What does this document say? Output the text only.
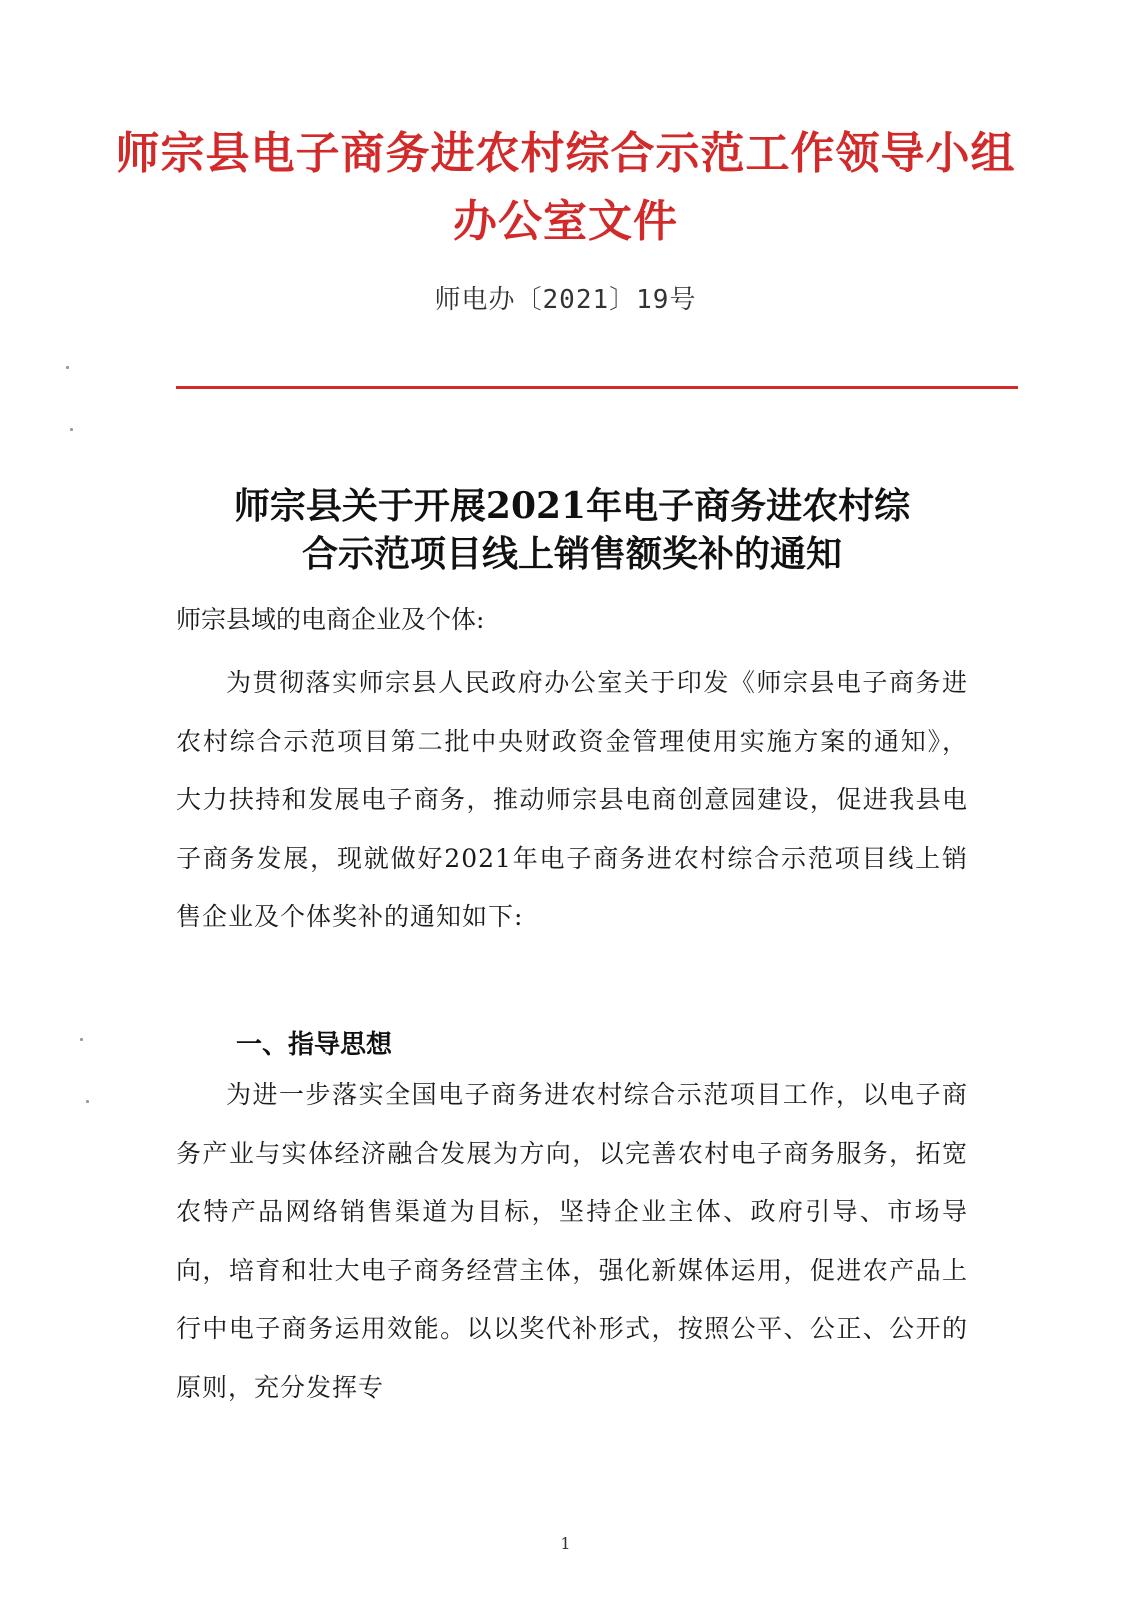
师宗县电子商务进农村综合示范工作领导小组
办公室文件
师电办〔2021〕19号
师宗县关于开展2021年电子商务进农村综
合示范项目线上销售额奖补的通知
师宗县域的电商企业及个体:
为贯彻落实师宗县人民政府办公室关于印发《师宗县电子商务进农村综合示范项目第二批中央财政资金管理使用实施方案的通知》，大力扶持和发展电子商务，推动师宗县电商创意园建设，促进我县电子商务发展，现就做好2021年电子商务进农村综合示范项目线上销售企业及个体奖补的通知如下:
一、指导思想
为进一步落实全国电子商务进农村综合示范项目工作，以电子商务产业与实体经济融合发展为方向，以完善农村电子商务服务，拓宽农特产品网络销售渠道为目标，坚持企业主体、政府引导、市场导向，培育和壮大电子商务经营主体，强化新媒体运用，促进农产品上行中电子商务运用效能。以以奖代补形式，按照公平、公正、公开的原则，充分发挥专
1
